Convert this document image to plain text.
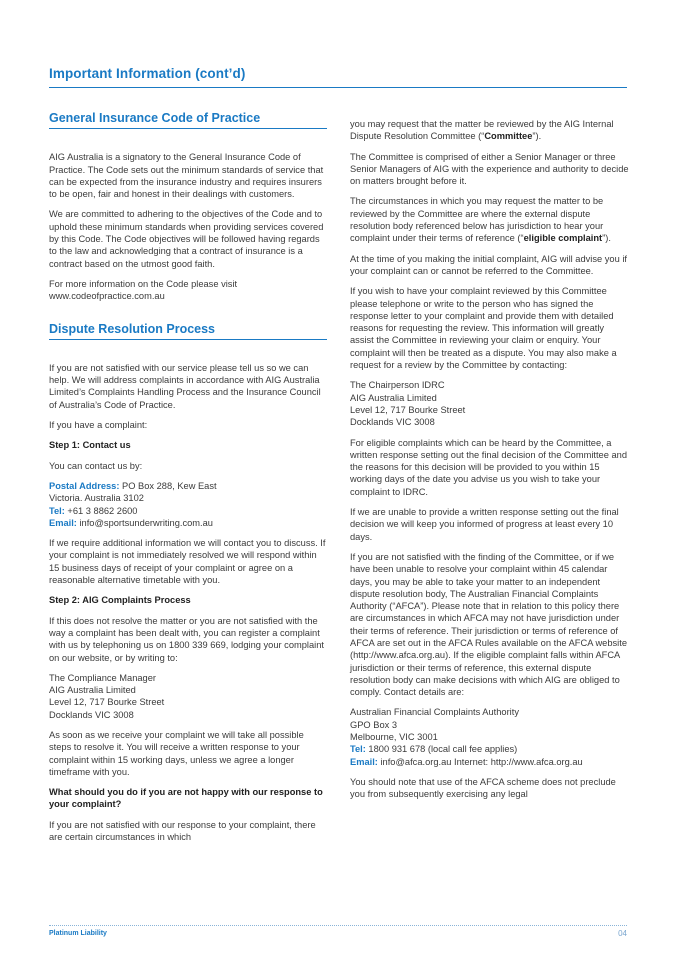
Important Information (cont’d)
General Insurance Code of Practice

AIG Australia is a signatory to the General Insurance Code of Practice. The Code sets out the minimum standards of service that can be expected from the insurance industry and requires insurers to be open, fair and honest in their dealings with customers.

We are committed to adhering to the objectives of the Code and to uphold these minimum standards when providing services covered by this Code. The Code objectives will be followed having regards to the law and acknowledging that a contract of insurance is a contract based on the utmost good faith.

For more information on the Code please visit
www.codeofpractice.com.au

Dispute Resolution Process

If you are not satisfied with our service please tell us so we can help. We will address complaints in accordance with AIG Australia Limited’s Complaints Handling Process and the Insurance Council of Australia’s Code of Practice.

If you have a complaint:

Step 1: Contact us

You can contact us by:

Postal Address: PO Box 288, Kew East
Victoria. Australia 3102
Tel: +61 3 8862 2600
Email: info@sportsunderwriting.com.au

If we require additional information we will contact you to discuss. If your complaint is not immediately resolved we will respond within 15 business days of receipt of your complaint or agree on a reasonable alternative timetable with you.

Step 2: AIG Complaints Process

If this does not resolve the matter or you are not satisfied with the way a complaint has been dealt with, you can register a complaint with us by telephoning us on 1800 339 669, lodging your complaint on our website, or by writing to:

The Compliance Manager
AIG Australia Limited
Level 12, 717 Bourke Street
Docklands VIC 3008

As soon as we receive your complaint we will take all possible steps to resolve it. You will receive a written response to your complaint within 15 working days, unless we agree a longer timeframe with you.

What should you do if you are not happy with our response to your complaint?

If you are not satisfied with our response to your complaint, there are certain circumstances in which

you may request that the matter be reviewed by the AIG Internal Dispute Resolution Committee (“Committee”).

The Committee is comprised of either a Senior Manager or three Senior Managers of AIG with the experience and authority to decide on matters brought before it.

The circumstances in which you may request the matter to be reviewed by the Committee are where the external dispute resolution body referenced below has jurisdiction to hear your complaint under their terms of reference (“eligible complaint”).

At the time of you making the initial complaint, AIG will advise you if your complaint can or cannot be referred to the Committee.

If you wish to have your complaint reviewed by this Committee please telephone or write to the person who has signed the response letter to your complaint and provide them with detailed reasons for requesting the review. This information will greatly assist the Committee in reviewing your claim or enquiry. Your complaint will then be treated as a dispute. You may also make a request for a review by the Committee by contacting:

The Chairperson IDRC
AIG Australia Limited
Level 12, 717 Bourke Street
Docklands VIC 3008

For eligible complaints which can be heard by the Committee, a written response setting out the final decision of the Committee and the reasons for this decision will be provided to you within 15 working days of the date you advise us you wish to take your complaint to IDRC.

If we are unable to provide a written response setting out the final decision we will keep you informed of progress at least every 10 days.

If you are not satisfied with the finding of the Committee, or if we have been unable to resolve your complaint within 45 calendar days, you may be able to take your matter to an independent dispute resolution body, The Australian Financial Complaints Authority (“AFCA”). Please note that in relation to this policy there are circumstances in which AFCA may not have jurisdiction under their terms of reference. Their jurisdiction or terms of reference of AFCA are set out in the AFCA Rules available on the AFCA website (http://www.afca.org.au). If the eligible complaint falls within AFCA jurisdiction or their terms of reference, this external dispute resolution body can make decisions with which AIG are obliged to comply. Contact details are:

Australian Financial Complaints Authority
GPO Box 3
Melbourne, VIC 3001
Tel: 1800 931 678 (local call fee applies)
Email: info@afca.org.au Internet: http://www.afca.org.au

You should note that use of the AFCA scheme does not preclude you from subsequently exercising any legal

Platinum Liability	04
